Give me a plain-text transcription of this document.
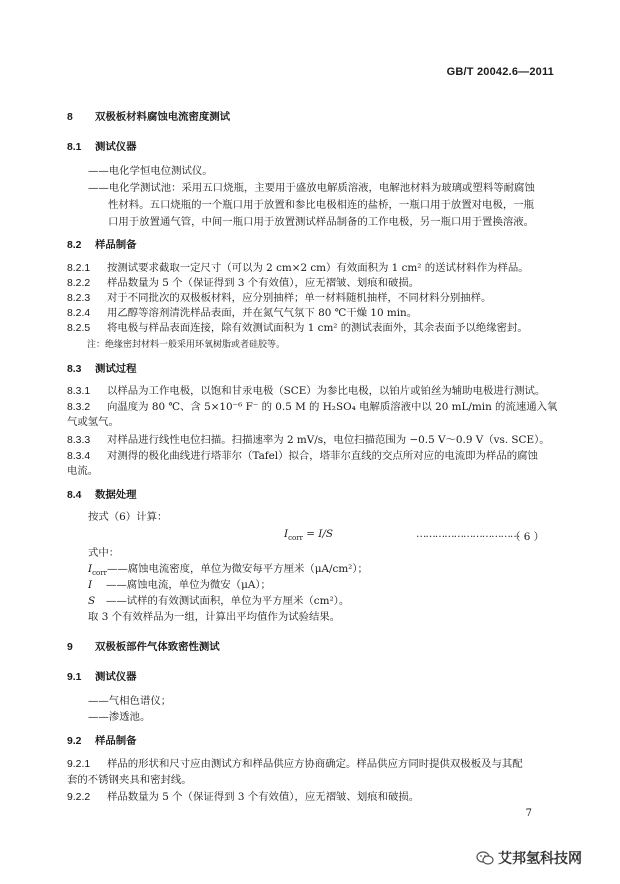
GB/T 20042.6—2011
8 双极板材料腐蚀电流密度测试
8.1 测试仪器
——电化学恒电位测试仪。
——电化学测试池：采用五口烧瓶，主要用于盛放电解质溶液，电解池材料为玻璃或塑料等耐腐蚀
性材料。五口烧瓶的一个瓶口用于放置和参比电极相连的盐桥，一瓶口用于放置对电极，一瓶
口用于放置通气管，中间一瓶口用于放置测试样品制备的工作电极，另一瓶口用于置换溶液。
8.2 样品制备
8.2.1 按测试要求截取一定尺寸（可以为 2 cm×2 cm）有效面积为 1 cm² 的送试材料作为样品。
8.2.2 样品数量为 5 个（保证得到 3 个有效值），应无褶皱、划痕和破损。
8.2.3 对于不同批次的双极板材料，应分别抽样；单一材料随机抽样，不同材料分别抽样。
8.2.4 用乙醇等溶剂清洗样品表面，并在氮气气氛下 80 ℃干燥 10 min。
8.2.5 将电极与样品表面连接，除有效测试面积为 1 cm² 的测试表面外，其余表面予以绝缘密封。
注：绝缘密封材料一般采用环氧树脂或者硅胶等。
8.3 测试过程
8.3.1 以样品为工作电极，以饱和甘汞电极（SCE）为参比电极，以铂片或铂丝为辅助电极进行测试。
8.3.2 向温度为 80 ℃、含 5×10⁻⁶ F⁻ 的 0.5 M 的 H₂SO₄ 电解质溶液中以 20 mL/min 的流速通入氧
气或氢气。
8.3.3 对样品进行线性电位扫描。扫描速率为 2 mV/s，电位扫描范围为 −0.5 V～0.9 V（vs. SCE）。
8.3.4 对测得的极化曲线进行塔菲尔（Tafel）拟合，塔菲尔直线的交点所对应的电流即为样品的腐蚀
电流。
8.4 数据处理
按式（6）计算：
$I_{corr} = I/S$	……………………………
（ 6 ）
式中：
$I_{corr}——$腐蚀电流密度，单位为微安每平方厘米（μA/cm²）；
I ——腐蚀电流，单位为微安（μA）；
S ——试样的有效测试面积，单位为平方厘米（cm²）。
取 3 个有效样品为一组，计算出平均值作为试验结果。
9 双极板部件气体致密性测试
9.1 测试仪器
——气相色谱仪；
——渗透池。
9.2 样品制备
9.2.1 样品的形状和尺寸应由测试方和样品供应方协商确定。样品供应方同时提供双极板及与其配
套的不锈钢夹具和密封线。
9.2.2 样品数量为 5 个（保证得到 3 个有效值），应无褶皱、划痕和破损。
7
艾邦氢科技网
